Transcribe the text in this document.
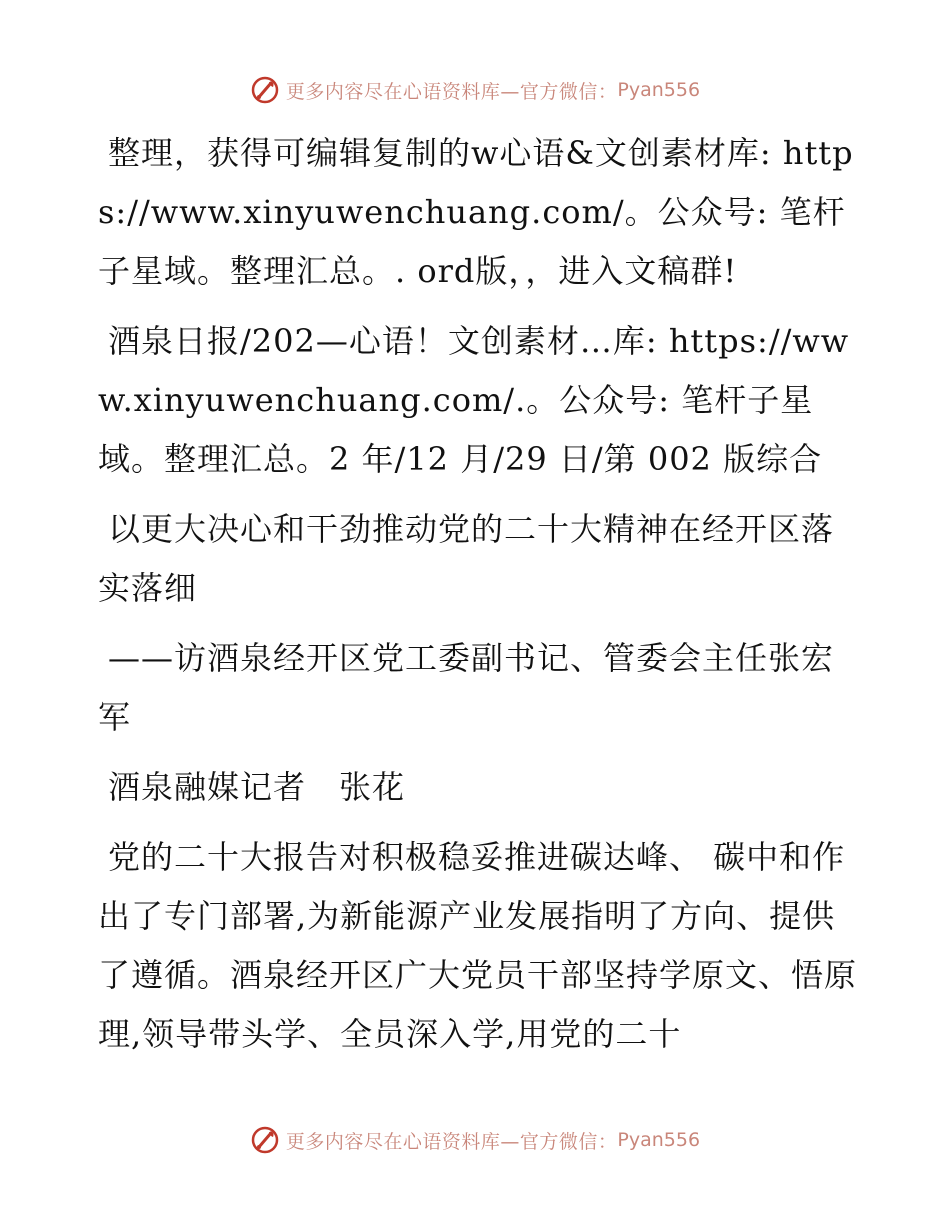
更多内容尽在心语资料库—官方微信： Pyan556

整理，获得可编辑复制的w心语&文创素材库: https://www.xinyuwenchuang.com/。公众号: 笔杆子星域。整理汇总。. ord版，，进入文稿群!

酒泉日报/202—心语！文创素材…库: https://www.xinyuwenchuang.com/.。公众号: 笔杆子星域。整理汇总。2 年/12 月/29 日/第 002 版综合

以更大决心和干劲推动党的二十大精神在经开区落实落细

——访酒泉经开区党工委副书记、管委会主任张宏军

酒泉融媒记者　张花

党的二十大报告对积极稳妥推进碳达峰、 碳中和作出了专门部署,为新能源产业发展指明了方向、提供了遵循。酒泉经开区广大党员干部坚持学原文、悟原理,领导带头学、全员深入学,用党的二十

更多内容尽在心语资料库—官方微信： Pyan556
